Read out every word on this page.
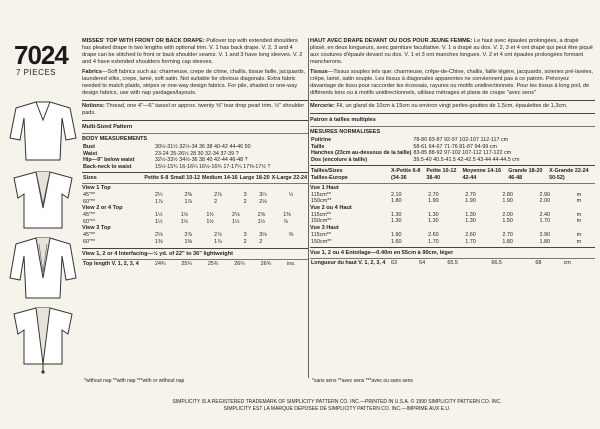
7024
7 PIECES
MISSES' TOP WITH FRONT OR BACK DRAPE: Pullover top with extended shoulders has pleated drape in two lengths with optional trim. V. 1 has back drape. V. 2, 3 and 4 drape can be stitched to front or back shoulder seams. V. 1 and 3 have long sleeves. V. 2 and 4 have extended shoulders forming cap sleeves.
Fabrics—Soft fabrics such as: charmeuse, crepe de chine, challis, tissue faille, jacquards, laundered silks, crepe, lamé, soft satin. Not suitable for obvious diagonals. Extra fabric needed to match plaids, stripes or one-way design fabrics. For pile, shaded or one-way design fabrics, use with nap yardages/layouts.
Notions: Thread, one 4"—6" tassel or approx. twenty ⅝" tear drop pearl trim, ½" shoulder pads.
Multi-Sized Pattern
BODY MEASUREMENTS
Bust	30½-31½ 32½-34 36 38 40-42 44-46 50
Waist	23-24 25-26½ 28 30 32-34 37-39 ?
Hip—9" below waist	32½-33½ 34½-36 38 40 42-44 46-48 ?
Back-neck to waist	15½-15¾ 16-16¼ 16½-16¾ 17-17¼ 17⅜-17½ ?
Sizes	Petite 6-8	Small 10-12	Medium 14-16	Large 18-20	X-Large 22-24
View 1 Top
45"**	2¼	2⅜	2⅞	3	3¼	½
60"**	1⅞	1⅞	2	2	2⅛	
View 2 or 4 Top
45"**	1½	1½	1½	2⅛	2⅝	1⅜
60"**	1½	1½	1½	1½	1½	⅞
View 3 Top
45"**	2⅛	2⅞	2⅞	3	3⅛	⅜
60"**	1⅜	1⅜	1⅞	2	2	
View 1, 2 or 4 Interfacing—½ yd. of 22" to 36" lightweight
Top length V. 1, 2, 3, 4	24¾	25¼	25¾	26¼	26¾	ins.
HAUT AVEC DRAPE DEVANT OU DOS POUR JEUNE FEMME: Le haut avec épaules prolongées, a drapé plissé, en deux longueurs, avec garniture facultative. V. 1 a drapé au dos. V. 2, 3 et 4 ont drapé qui peut être piqué aux coutures d'épaule devant ou dos. V. 1 et 3 ont manches longues. V. 2 et 4 ont épaules prolongées formant mancherons.
Tissus—Tissus souples tels que: charmeuse, crêpe-de-Chine, challis, faille légère, jacquards, soieries pré-lavées, crêpe, lamé, satin souple. Les tissus à diagonales apparentes ne conviennent pas à ce patron. Prévoyez davantage de tissu pour raccorder les écossais, rayures ou motifs unidirectionnels. Pour les tissus à long poil, de différents tons ou à motifs unidirectionnels, utilisez métrages et plans de coupe "avec sens"
Mercerie: Fil, un gland de 10cm à 15cm ou environ vingt perles-gouttes de 1,5cm, épaulettes de 1,3cm.
Patron à tailles multiples
MESURES NORMALISEES
Poitrine	78-80 83-87 92-97 102-107 112-117 cm
Taille	58-61 64-67 71-76 81-87 94-99 cm
Hanches (23cm au-dessous de la taille)	83-85 88-92 97-102 107-112 117-122 cm
Dos (encolure à taille)	39.5-40 40.5-41.5 42-42.5 43-44 44-44.5 cm
Tailles/Sizes	X-Petite 6-8	Petite 10-12	Moyenne 14-16	Grande 18-20	X-Grande 22-24
Tailles-Europe	(34-36	38-40	42-44	46-48	50-52)
Vue 1 Haut
115cm**	2.10	2.70	2.70	2.80	2.90	m
150cm**	1.80	1.90	1.90	1.90	2.00	m
Vue 2 ou 4 Haut
115cm**	1.30	1.30	1.30	2.00	2.40	m
150cm**	1.30	1.30	1.30	1.50	1.70	m
Vue 3 Haut
115cm**	1.90	2.60	2.60	2.70	2.90	m
150cm**	1.60	1.70	1.70	1.80	1.80	m
Vue 1, 2 ou 4 Entoilage—0.40m en 55cm à 90cm, léger
Longueur du haut V. 1, 2, 3, 4	63	64	65.5	66.5	68	cm
*without nap **with nap ***with or without nap	*sans sens **avec sens ***avec ou sans sens
SIMPLICITY IS A REGISTERED TRADEMARK OF SIMPLICITY PATTERN CO. INC.—PRINTED IN U.S.A. © 1990 SIMPLICITY PATTERN CO. INC.
SIMPLICITY EST LA MARQUE DEPOSEE DE SIMPLICITY PATTERN CO. INC.—IMPRIME AUX E.U.
